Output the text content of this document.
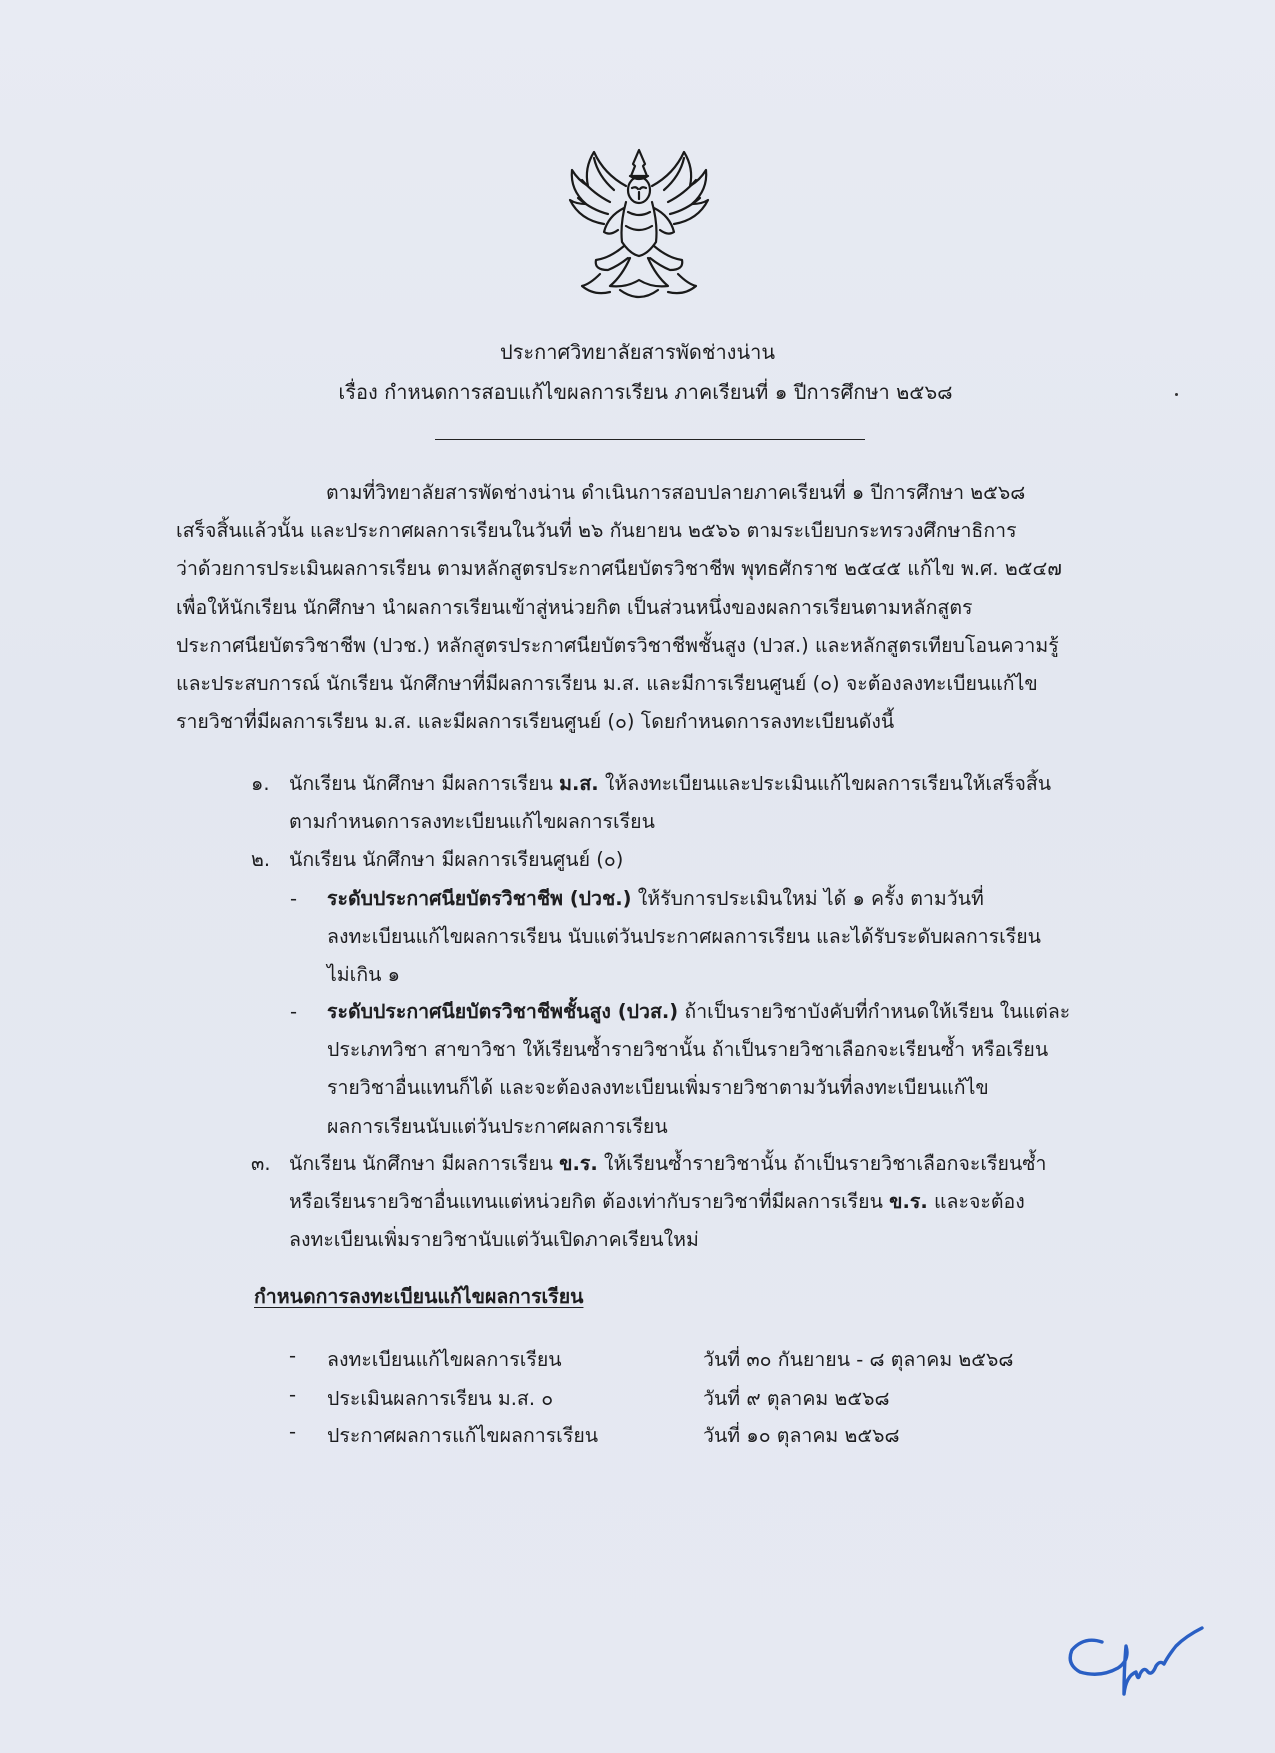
ประกาศวิทยาลัยสารพัดช่างน่าน
เรื่อง กำหนดการสอบแก้ไขผลการเรียน ภาคเรียนที่ ๑ ปีการศึกษา ๒๕๖๘
ตามที่วิทยาลัยสารพัดช่างน่าน ดำเนินการสอบปลายภาคเรียนที่ ๑ ปีการศึกษา ๒๕๖๘
เสร็จสิ้นแล้วนั้น และประกาศผลการเรียนในวันที่ ๒๖ กันยายน ๒๕๖๖ ตามระเบียบกระทรวงศึกษาธิการ
ว่าด้วยการประเมินผลการเรียน ตามหลักสูตรประกาศนียบัตรวิชาชีพ พุทธศักราช ๒๕๔๕ แก้ไข พ.ศ. ๒๕๔๗
เพื่อให้นักเรียน นักศึกษา นำผลการเรียนเข้าสู่หน่วยกิต เป็นส่วนหนึ่งของผลการเรียนตามหลักสูตร
ประกาศนียบัตรวิชาชีพ (ปวช.) หลักสูตรประกาศนียบัตรวิชาชีพชั้นสูง (ปวส.) และหลักสูตรเทียบโอนความรู้
และประสบการณ์ นักเรียน นักศึกษาที่มีผลการเรียน ม.ส. และมีการเรียนศูนย์ (๐) จะต้องลงทะเบียนแก้ไข
รายวิชาที่มีผลการเรียน ม.ส. และมีผลการเรียนศูนย์ (๐) โดยกำหนดการลงทะเบียนดังนี้
๑. นักเรียน นักศึกษา มีผลการเรียน ม.ส. ให้ลงทะเบียนและประเมินแก้ไขผลการเรียนให้เสร็จสิ้น
ตามกำหนดการลงทะเบียนแก้ไขผลการเรียน
๒. นักเรียน นักศึกษา มีผลการเรียนศูนย์ (๐)
- ระดับประกาศนียบัตรวิชาชีพ (ปวช.) ให้รับการประเมินใหม่ ได้ ๑ ครั้ง ตามวันที่
ลงทะเบียนแก้ไขผลการเรียน นับแต่วันประกาศผลการเรียน และได้รับระดับผลการเรียน
ไม่เกิน ๑
- ระดับประกาศนียบัตรวิชาชีพชั้นสูง (ปวส.) ถ้าเป็นรายวิชาบังคับที่กำหนดให้เรียน ในแต่ละ
ประเภทวิชา สาขาวิชา ให้เรียนซ้ำรายวิชานั้น ถ้าเป็นรายวิชาเลือกจะเรียนซ้ำ หรือเรียน
รายวิชาอื่นแทนก็ได้ และจะต้องลงทะเบียนเพิ่มรายวิชาตามวันที่ลงทะเบียนแก้ไข
ผลการเรียนนับแต่วันประกาศผลการเรียน
๓. นักเรียน นักศึกษา มีผลการเรียน ข.ร. ให้เรียนซ้ำรายวิชานั้น ถ้าเป็นรายวิชาเลือกจะเรียนซ้ำ
หรือเรียนรายวิชาอื่นแทนแต่หน่วยกิต ต้องเท่ากับรายวิชาที่มีผลการเรียน ข.ร. และจะต้อง
ลงทะเบียนเพิ่มรายวิชานับแต่วันเปิดภาคเรียนใหม่
กำหนดการลงทะเบียนแก้ไขผลการเรียน
- ลงทะเบียนแก้ไขผลการเรียน	วันที่ ๓๐ กันยายน - ๘ ตุลาคม ๒๕๖๘
- ประเมินผลการเรียน ม.ส. ๐	วันที่ ๙ ตุลาคม ๒๕๖๘
- ประกาศผลการแก้ไขผลการเรียน	วันที่ ๑๐ ตุลาคม ๒๕๖๘
